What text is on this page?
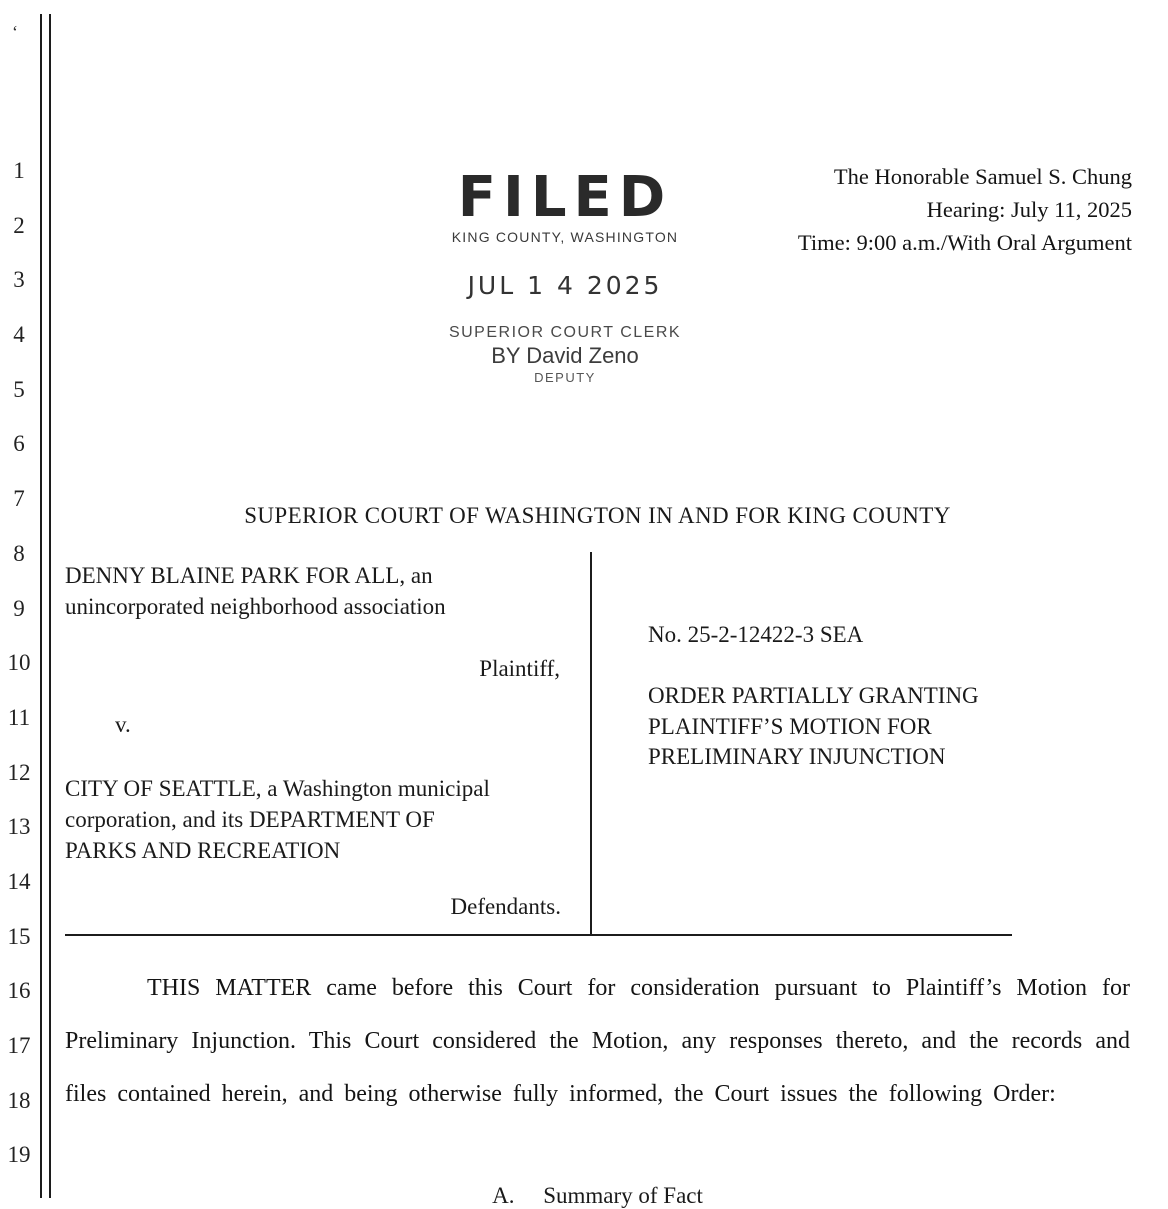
ʻ
1
2
3
4
5
6
7
8
9
10
11
12
13
14
15
16
17
18
19
FILED
KING COUNTY, WASHINGTON
JUL 1 4 2025
SUPERIOR COURT CLERK
BY David Zeno
DEPUTY
The Honorable Samuel S. Chung
Hearing: July 11, 2025
Time: 9:00 a.m./With Oral Argument
SUPERIOR COURT OF WASHINGTON IN AND FOR KING COUNTY
DENNY BLAINE PARK FOR ALL, an
unincorporated neighborhood association
Plaintiff,
v.
CITY OF SEATTLE, a Washington municipal
corporation, and its DEPARTMENT OF
PARKS AND RECREATION
Defendants.
No. 25-2-12422-3 SEA
ORDER PARTIALLY GRANTING
PLAINTIFF’S MOTION FOR
PRELIMINARY INJUNCTION
THIS MATTER came before this Court for consideration pursuant to Plaintiff’s Motion for Preliminary Injunction. This Court considered the Motion, any responses thereto, and the records and files contained herein, and being otherwise fully informed, the Court issues the following Order:
A.     Summary of Fact
